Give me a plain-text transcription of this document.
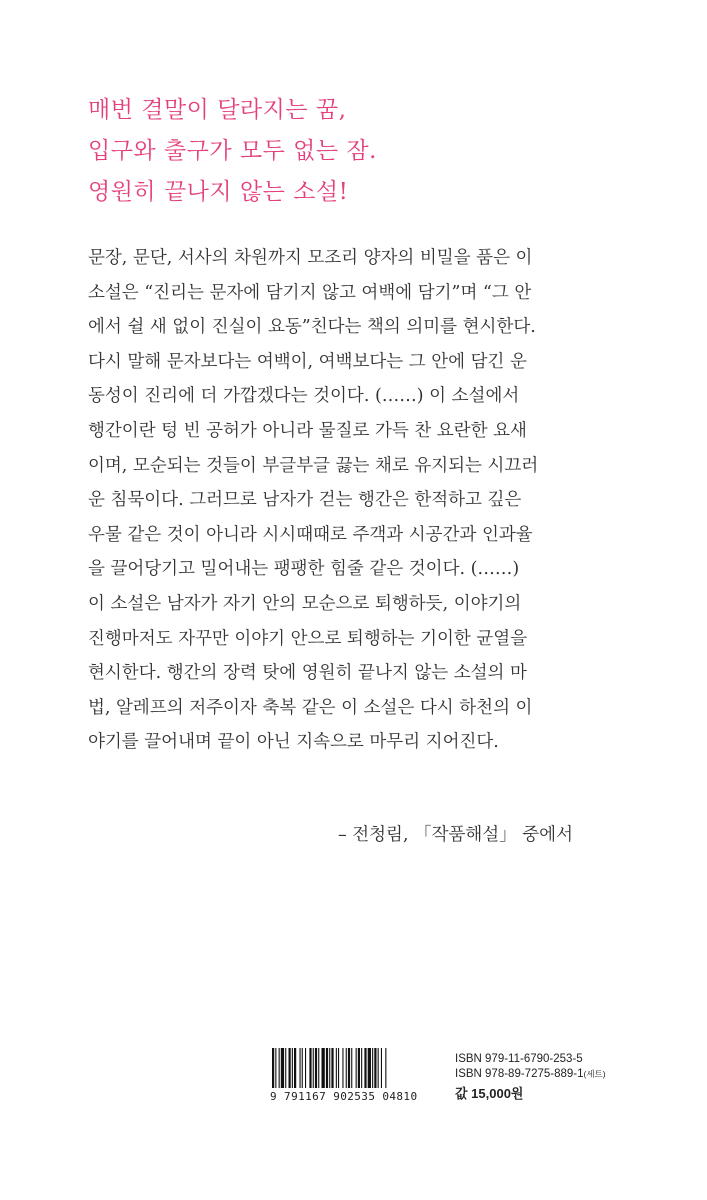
매번 결말이 달라지는 꿈,
입구와 출구가 모두 없는 잠.
영원히 끝나지 않는 소설!
문장, 문단, 서사의 차원까지 모조리 양자의 비밀을 품은 이
소설은 “진리는 문자에 담기지 않고 여백에 담기”며 “그 안
에서 쉴 새 없이 진실이 요동”친다는 책의 의미를 현시한다.
다시 말해 문자보다는 여백이, 여백보다는 그 안에 담긴 운
동성이 진리에 더 가깝겠다는 것이다. (……) 이 소설에서
행간이란 텅 빈 공허가 아니라 물질로 가득 찬 요란한 요새
이며, 모순되는 것들이 부글부글 끓는 채로 유지되는 시끄러
운 침묵이다. 그러므로 남자가 걷는 행간은 한적하고 깊은
우물 같은 것이 아니라 시시때때로 주객과 시공간과 인과율
을 끌어당기고 밀어내는 팽팽한 힘줄 같은 것이다. (……)
이 소설은 남자가 자기 안의 모순으로 퇴행하듯, 이야기의
진행마저도 자꾸만 이야기 안으로 퇴행하는 기이한 균열을
현시한다. 행간의 장력 탓에 영원히 끝나지 않는 소설의 마
법, 알레프의 저주이자 축복 같은 이 소설은 다시 하천의 이
야기를 끌어내며 끝이 아닌 지속으로 마무리 지어진다.
– 전청림, 「작품해설」 중에서
9 791167 902535 04810
ISBN 979-11-6790-253-5
ISBN 978-89-7275-889-1(세트)
값 15,000원
